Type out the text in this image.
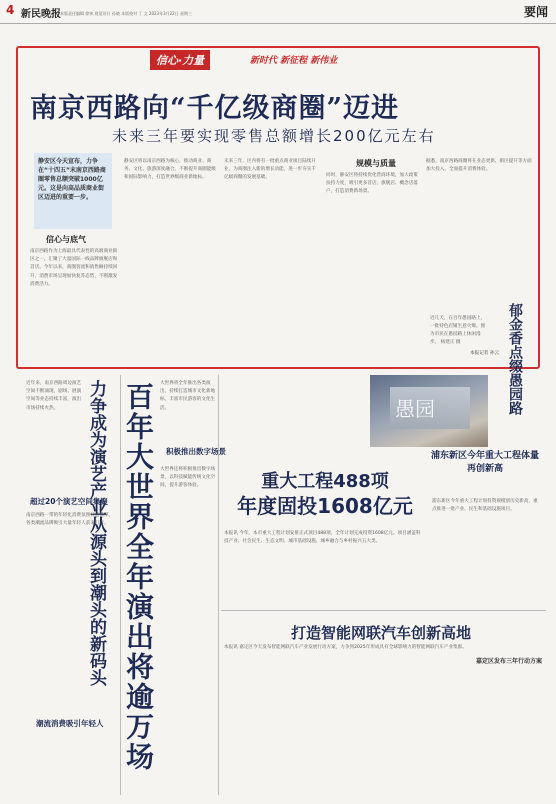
4 新民晚报 本版责任编辑 徐伟 视觉设计 孙晓 本版校对 丁 文 2023年3月22日 星期三	要闻
信心·力量	新时代 新征程 新伟业
南京西路向“千亿级商圈”迈进
未来三年要实现零售总额增长200亿元左右
静安区今天宣布，力争在“十四五”末南京西路商圈零售总额突破1000亿元。这是向高品质商业街区迈进的重要一步。
信心与底气
南京西路作为上海最具代表性的高端商业街区之一，汇聚了大量国际一线品牌旗舰店和首店。今年以来，商圈客流和销售额持续回升，消费市场呈现加快复苏态势，不断激发消费活力。
静安区将以南京西路为核心，推动商业、商务、文化、旅游深度融合，不断提升商圈能级和国际影响力，打造世界级商业新地标。
未来三年，区内将有一批重点商业项目陆续开业，为商圈注入新的增长动能，进一步夯实千亿级商圈的发展基础。
规模与质量
同时，静安区将持续优化营商环境，加大政策扶持力度，吸引更多首店、旗舰店、概念店落户，打造消费新场景。
据悉，南京西路商圈将在业态更新、街区提升等方面加大投入，全面提升消费体验。
本报记者 孙云
力争成为演艺产业从源头到潮头的新码头
近年来，南京西路周边演艺空间不断涌现，剧场、展演空间等业态持续丰富，演出市场持续火热。
超过20个演艺空间集聚
南京西路一带的年轻化消费氛围日益浓厚，各类潮流品牌吸引大量年轻人前来打卡。
潮流消费吸引年轻人 百年大世界全年演出将逾万场	大世界将全年推出各类演出，持续打造城市文化新地标，丰富市民游客的文化生活。
积极推出数字场景
大世界还将积极推出数字场景，以科技赋能传统文化空间，提升游客体验。
愚园
近几天，在百年愚园路上，一批特色店铺生意火爆。图为市民在愚园路上休闲漫步。 杨建正 摄	郁金香点缀愚园路
重大工程488项
年度固投1608亿元
本报讯 今年，本市重大工程计划安排正式项目488项，全年计划完成投资1608亿元。项目涵盖科技产业、社会民生、生态文明、城市基础设施、城乡融合与乡村振兴五大类。
浦东新区今年重大工程体量再创新高
浦东新区今年重大工程计划投资规模创历史新高，重点推进一批产业、民生和基础设施项目。
打造智能网联汽车创新高地
本报讯 嘉定区今天发布智能网联汽车产业发展行动方案，力争到2025年形成具有全球影响力的智能网联汽车产业集群。
嘉定区发布三年行动方案
